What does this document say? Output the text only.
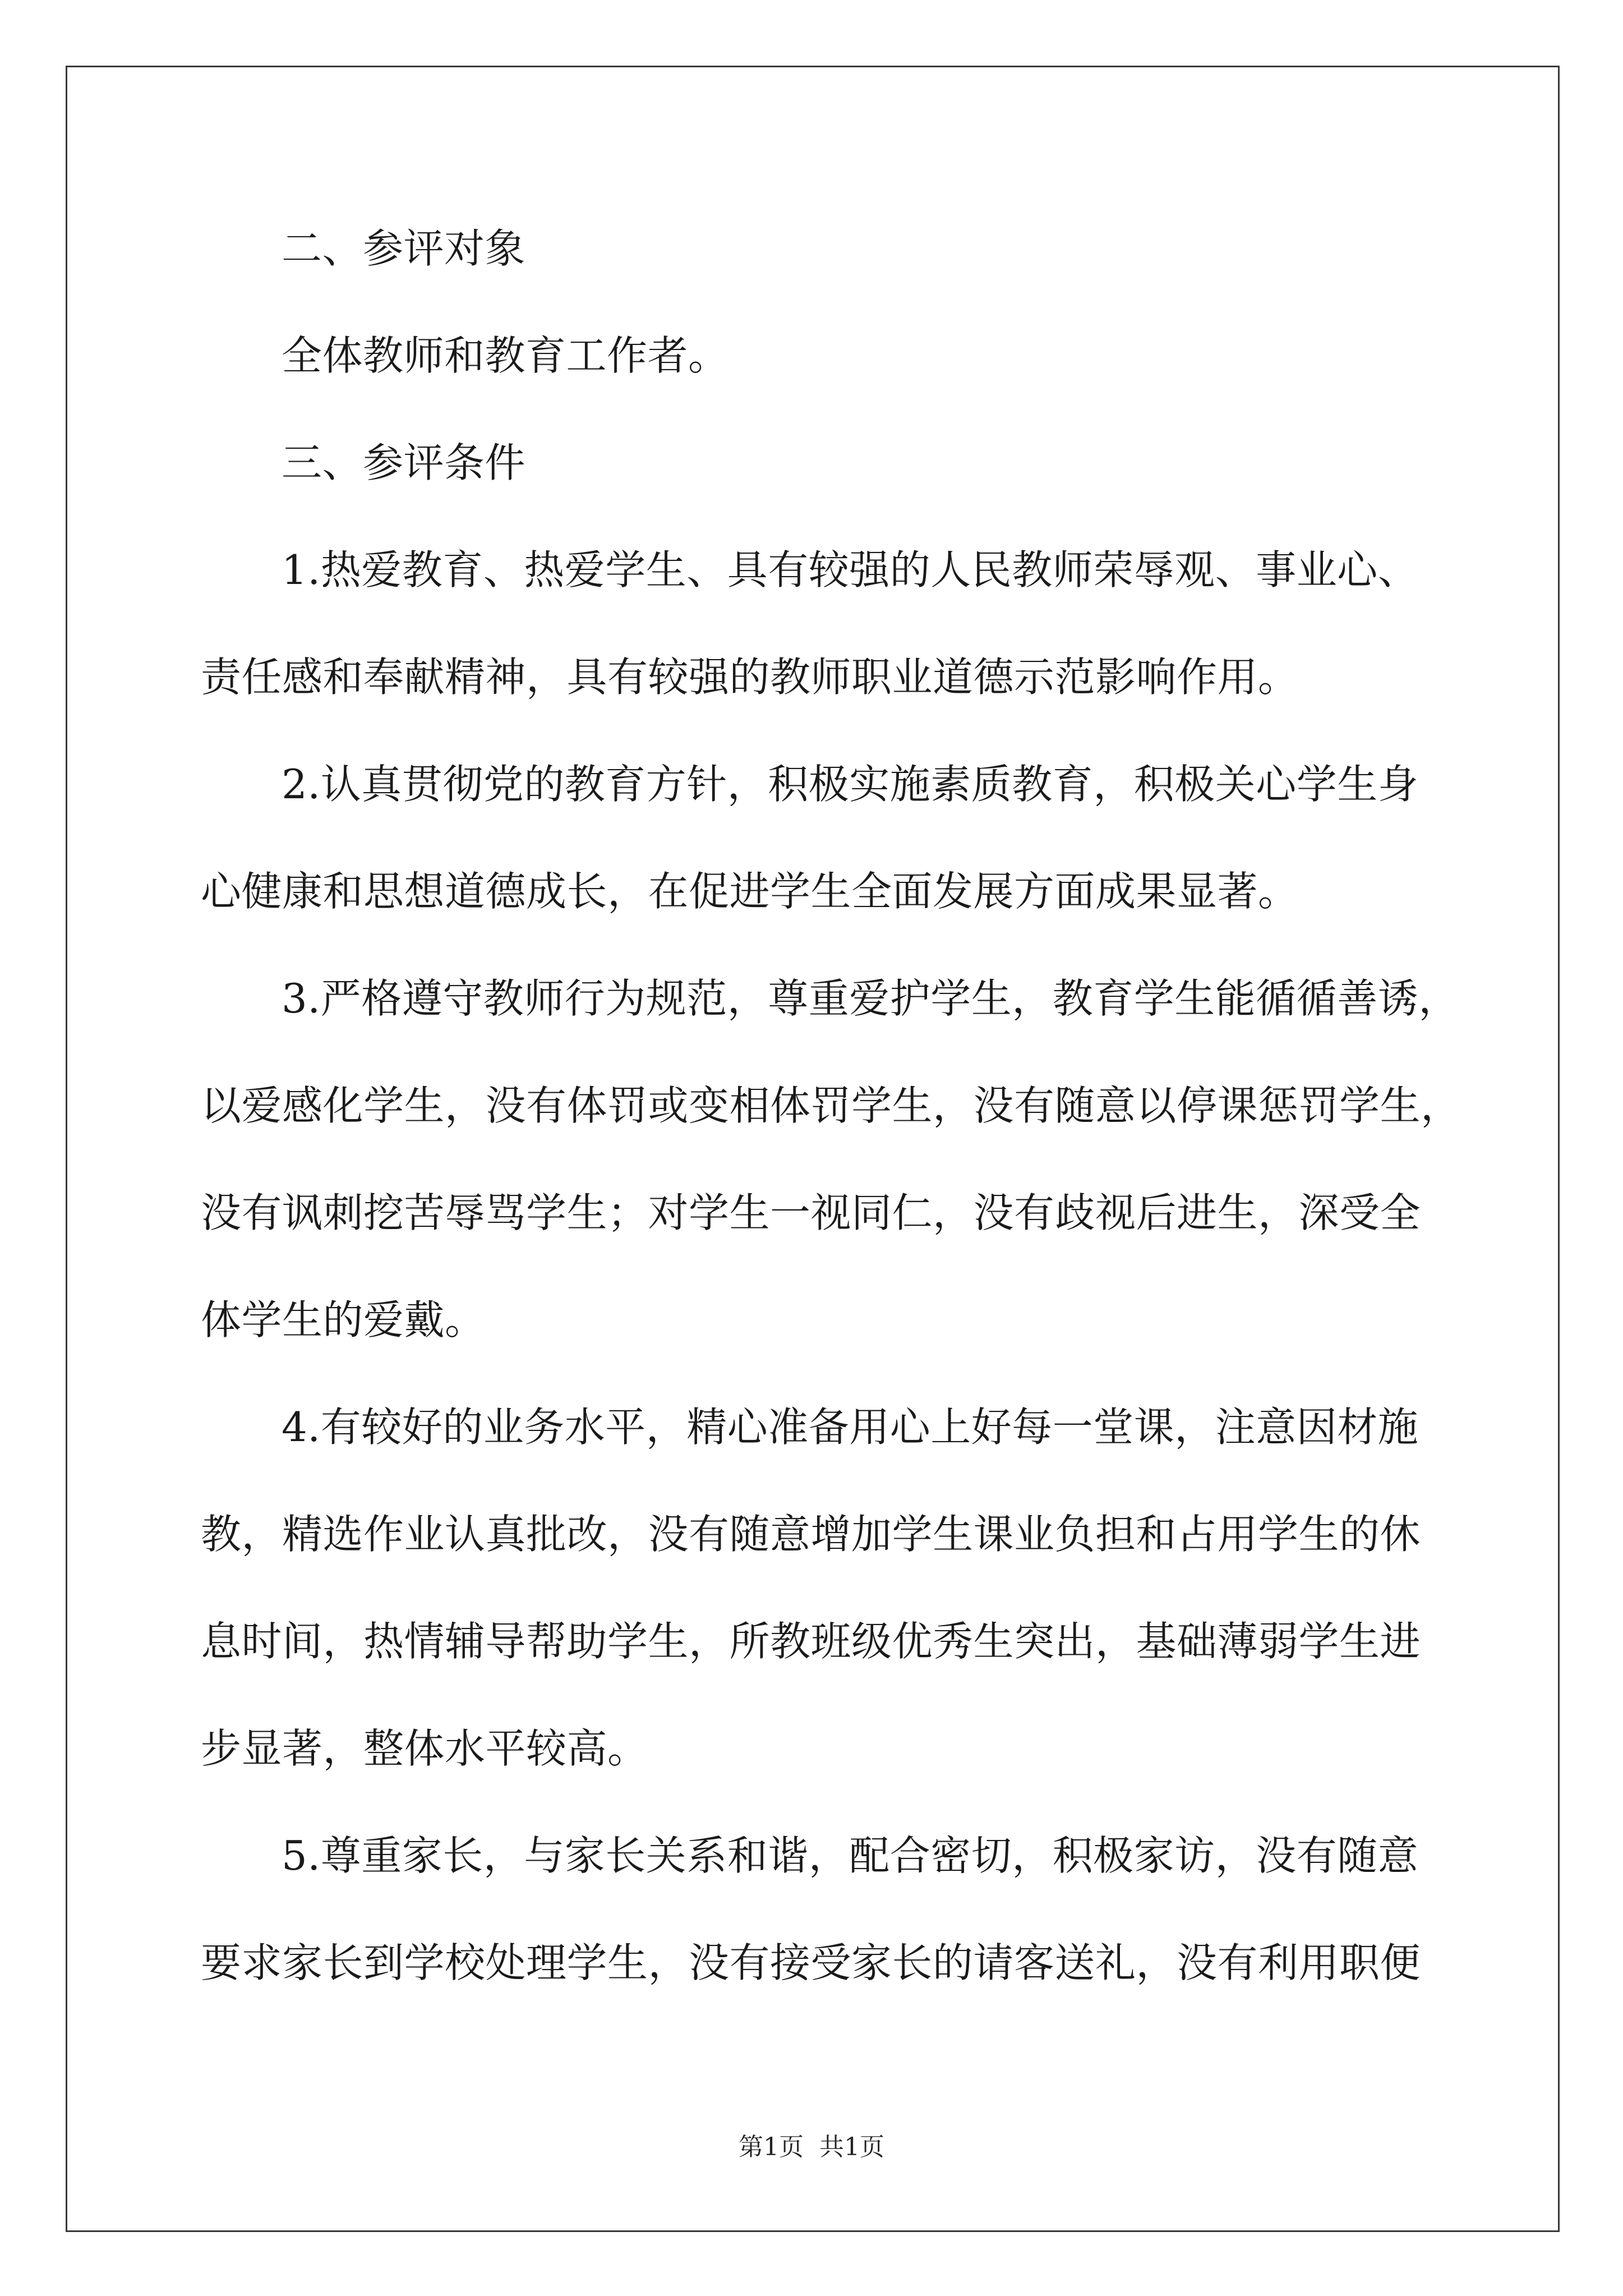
二、参评对象
全体教师和教育工作者。
三、参评条件
1.热爱教育、热爱学生、具有较强的人民教师荣辱观、事业心、
责任感和奉献精神，具有较强的教师职业道德示范影响作用。
2.认真贯彻党的教育方针，积极实施素质教育，积极关心学生身
心健康和思想道德成长，在促进学生全面发展方面成果显著。
3.严格遵守教师行为规范，尊重爱护学生，教育学生能循循善诱，
以爱感化学生，没有体罚或变相体罚学生，没有随意以停课惩罚学生，
没有讽刺挖苦辱骂学生；对学生一视同仁，没有歧视后进生，深受全
体学生的爱戴。
4.有较好的业务水平，精心准备用心上好每一堂课，注意因材施
教，精选作业认真批改，没有随意增加学生课业负担和占用学生的休
息时间，热情辅导帮助学生，所教班级优秀生突出，基础薄弱学生进
步显著，整体水平较高。
5.尊重家长，与家长关系和谐，配合密切，积极家访，没有随意
要求家长到学校处理学生，没有接受家长的请客送礼，没有利用职便
第1页  共1页
